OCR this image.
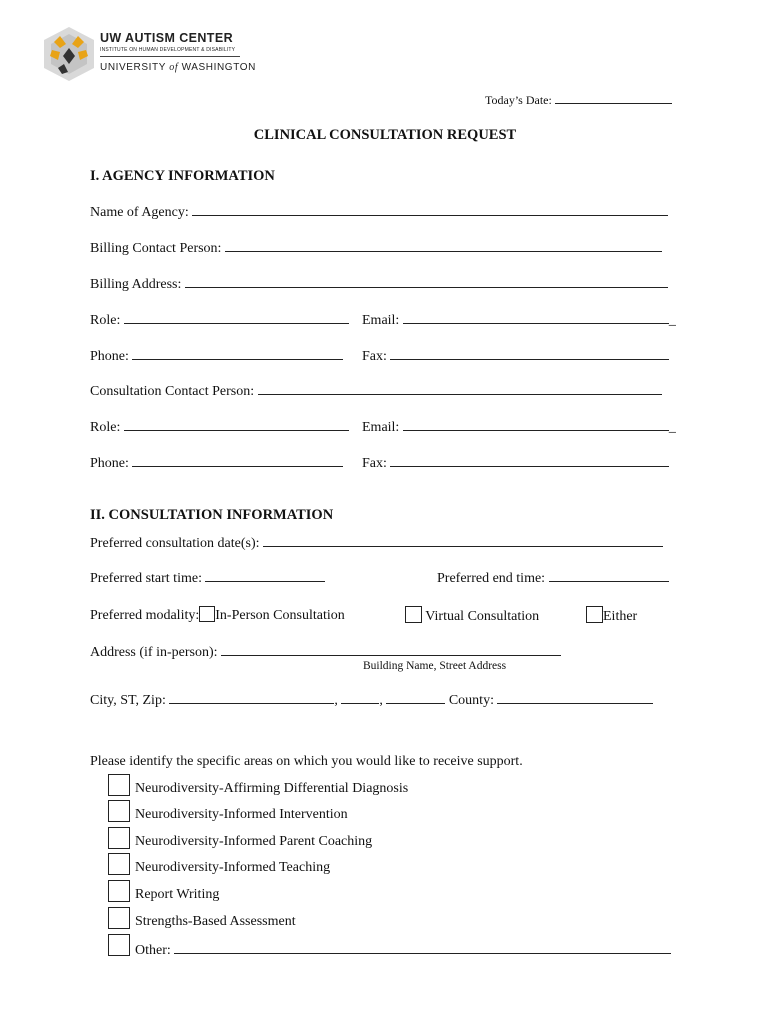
UW AUTISM CENTER
INSTITUTE ON HUMAN DEVELOPMENT & DISABILITY
UNIVERSITY of WASHINGTON
Today’s Date:
CLINICAL CONSULTATION REQUEST
I. AGENCY INFORMATION
Name of Agency:
Billing Contact Person:
Billing Address:
Role:	Email:	_
Phone:	Fax:
Consultation Contact Person:
Role:	Email:	_
Phone:	Fax:
II. CONSULTATION INFORMATION
Preferred consultation date(s):
Preferred start time:	Preferred end time:
Preferred modality: In-Person Consultation	Virtual Consultation	Either
Address (if in-person):
Building Name, Street Address
City, ST, Zip:	,	,	County:
Please identify the specific areas on which you would like to receive support.
Neurodiversity-Affirming Differential Diagnosis
Neurodiversity-Informed Intervention
Neurodiversity-Informed Parent Coaching
Neurodiversity-Informed Teaching
Report Writing
Strengths-Based Assessment
Other:
